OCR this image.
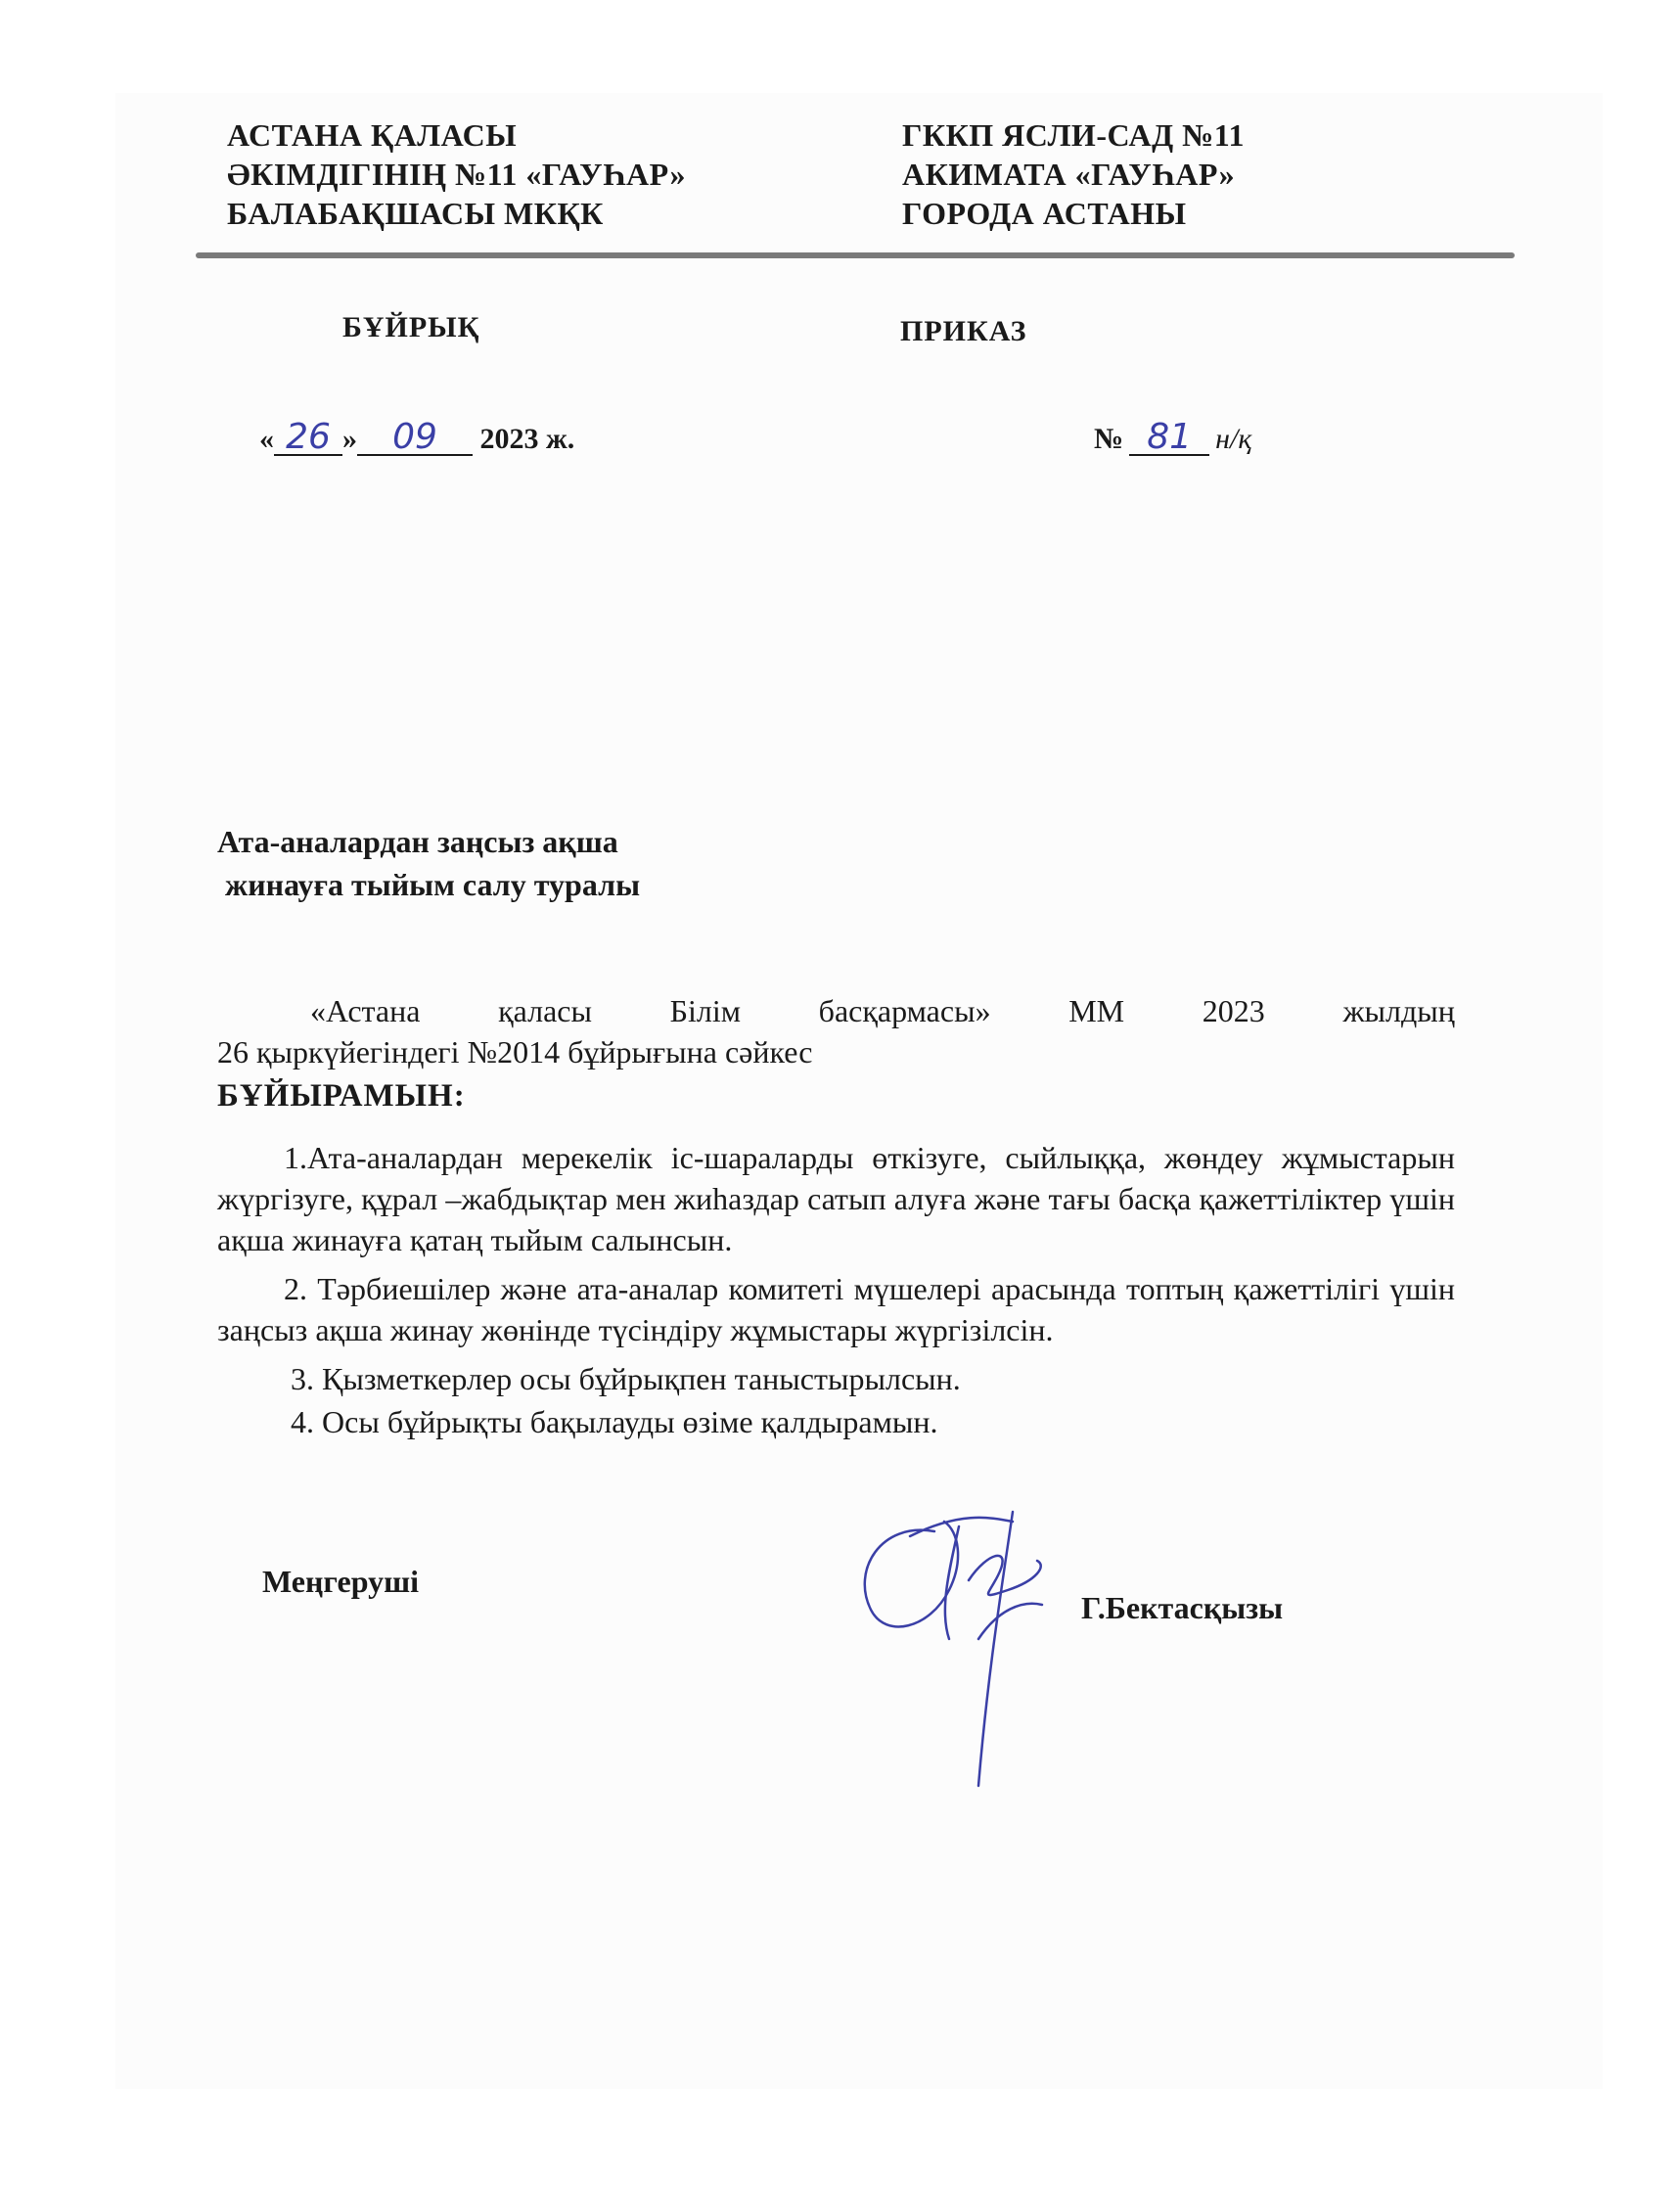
АСТАНА ҚАЛАСЫ
ӘКІМДІГІНІҢ №11 «ГАУҺАР»
БАЛАБАҚШАСЫ МКҚК
ГККП ЯСЛИ-САД №11
АКИМАТА «ГАУҺАР»
ГОРОДА АСТАНЫ
БҰЙРЫҚ	ПРИКАЗ
« 26 » 09 2023 ж.	№ 81 н/қ
Ата-аналардан заңсыз ақша
жинауға тыйым салу туралы
«Астана қаласы Білім басқармасы» ММ 2023 жылдың
26 қыркүйегіндегі №2014 бұйрығына сәйкес
БҰЙЫРАМЫН:

1.Ата-аналардан мерекелік іс-шараларды өткізуге, сыйлыққа, жөндеу жұмыстарын жүргізуге, құрал –жабдықтар мен жиһаздар сатып алуға және тағы басқа қажеттіліктер үшін ақша жинауға қатаң тыйым салынсын.

2. Тәрбиешілер және ата-аналар комитеті мүшелері арасында топтың қажеттілігі үшін заңсыз ақша жинау жөнінде түсіндіру жұмыстары жүргізілсін.

3. Қызметкерлер осы бұйрықпен таныстырылсын.

4. Осы бұйрықты бақылауды өзіме қалдырамын.

Меңгеруші
Г.Бектасқызы
